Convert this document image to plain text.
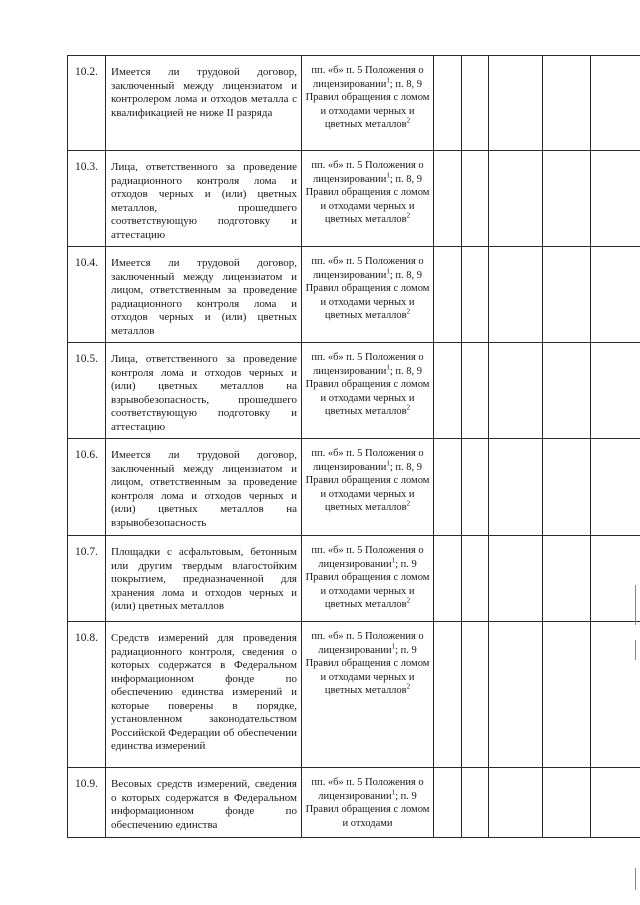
10.2.	Имеется ли трудовой договор, заключенный между лицензиатом и контролером лома и отходов металла с квалификацией не ниже II разряда	пп. «б» п. 5 Положения о лицензировании$^1$; п. 8, 9 Правил обращения с ломом и отходами черных и цветных металлов$^2$					
10.3.	Лица, ответственного за проведение радиационного контроля лома и отходов черных и (или) цветных металлов, прошедшего соответствующую подготовку и аттестацию	пп. «б» п. 5 Положения о лицензировании$^1$; п. 8, 9 Правил обращения с ломом и отходами черных и цветных металлов$^2$					
10.4.	Имеется ли трудовой договор, заключенный между лицензиатом и лицом, ответственным за проведение радиационного контроля лома и отходов черных и (или) цветных металлов	пп. «б» п. 5 Положения о лицензировании$^1$; п. 8, 9 Правил обращения с ломом и отходами черных и цветных металлов$^2$					
10.5.	Лица, ответственного за проведение контроля лома и отходов черных и (или) цветных металлов на взрывобезопасность, прошедшего соответствующую подготовку и аттестацию	пп. «б» п. 5 Положения о лицензировании$^1$; п. 8, 9 Правил обращения с ломом и отходами черных и цветных металлов$^2$					
10.6.	Имеется ли трудовой договор, заключенный между лицензиатом и лицом, ответственным за проведение контроля лома и отходов черных и (или) цветных металлов на взрывобезопасность	пп. «б» п. 5 Положения о лицензировании$^1$; п. 8, 9 Правил обращения с ломом и отходами черных и цветных металлов$^2$					
10.7.	Площадки с асфальтовым, бетонным или другим твердым влагостойким покрытием, предназначенной для хранения лома и отходов черных и (или) цветных металлов	пп. «б» п. 5 Положения о лицензировании$^1$; п. 9 Правил обращения с ломом и отходами черных и цветных металлов$^2$					
10.8.	Средств измерений для проведения радиационного контроля, сведения о которых содержатся в Федеральном информационном фонде по обеспечению единства измерений и которые поверены в порядке, установленном законодательством Российской Федерации об обеспечении единства измерений	пп. «б» п. 5 Положения о лицензировании$^1$; п. 9 Правил обращения с ломом и отходами черных и цветных металлов$^2$					
10.9.	Весовых средств измерений, сведения о которых содержатся в Федеральном информационном фонде по обеспечению единства	пп. «б» п. 5 Положения о лицензировании$^1$; п. 9 Правил обращения с ломом и отходами					
